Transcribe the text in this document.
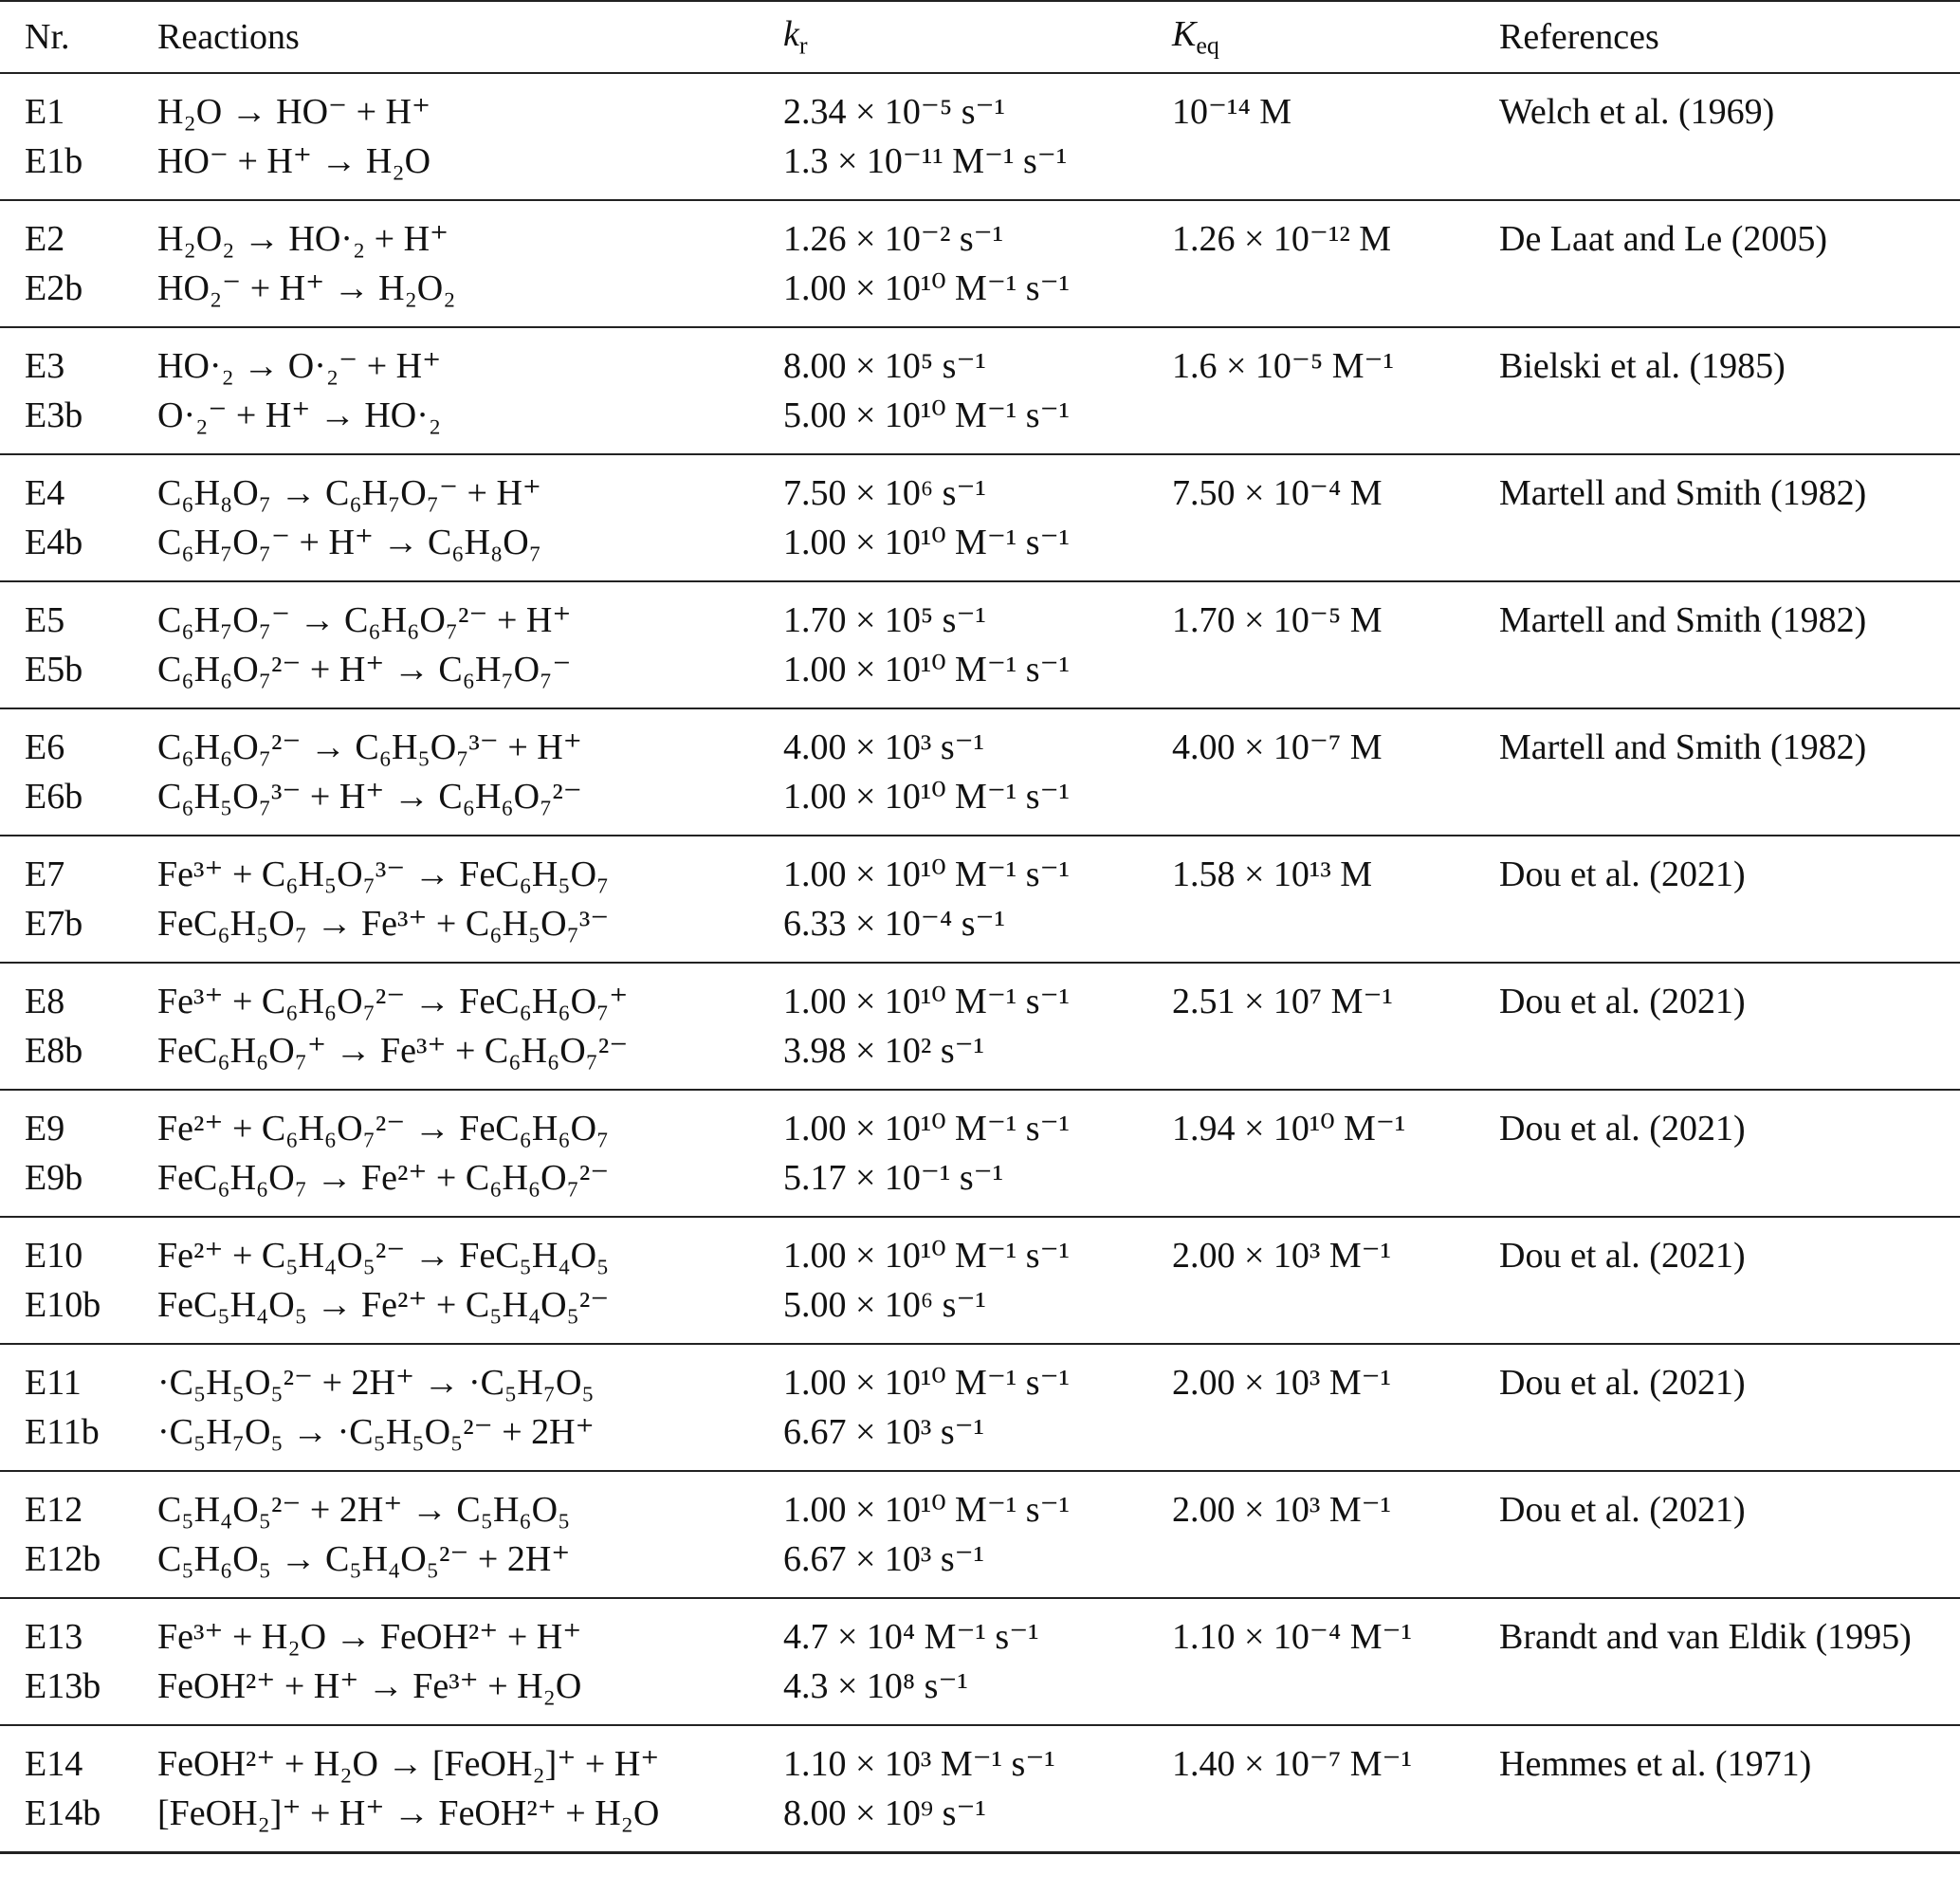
Nr.	Reactions	$k_r$	$K_{eq}$	References
E1	H₂O → HO⁻ + H⁺	2.34 × 10⁻⁵ s⁻¹	10⁻¹⁴ M	Welch et al. (1969)
E1b	HO⁻ + H⁺ → H₂O	1.3 × 10⁻¹¹ M⁻¹ s⁻¹		
E2	H₂O₂ → HO·₂ + H⁺	1.26 × 10⁻² s⁻¹	1.26 × 10⁻¹² M	De Laat and Le (2005)
E2b	HO₂⁻ + H⁺ → H₂O₂	1.00 × 10¹⁰ M⁻¹ s⁻¹		
E3	HO·₂ → O·₂⁻ + H⁺	8.00 × 10⁵ s⁻¹	1.6 × 10⁻⁵ M⁻¹	Bielski et al. (1985)
E3b	O·₂⁻ + H⁺ → HO·₂	5.00 × 10¹⁰ M⁻¹ s⁻¹		
E4	C₆H₈O₇ → C₆H₇O₇⁻ + H⁺	7.50 × 10⁶ s⁻¹	7.50 × 10⁻⁴ M	Martell and Smith (1982)
E4b	C₆H₇O₇⁻ + H⁺ → C₆H₈O₇	1.00 × 10¹⁰ M⁻¹ s⁻¹		
E5	C₆H₇O₇⁻ → C₆H₆O₇²⁻ + H⁺	1.70 × 10⁵ s⁻¹	1.70 × 10⁻⁵ M	Martell and Smith (1982)
E5b	C₆H₆O₇²⁻ + H⁺ → C₆H₇O₇⁻	1.00 × 10¹⁰ M⁻¹ s⁻¹		
E6	C₆H₆O₇²⁻ → C₆H₅O₇³⁻ + H⁺	4.00 × 10³ s⁻¹	4.00 × 10⁻⁷ M	Martell and Smith (1982)
E6b	C₆H₅O₇³⁻ + H⁺ → C₆H₆O₇²⁻	1.00 × 10¹⁰ M⁻¹ s⁻¹		
E7	Fe³⁺ + C₆H₅O₇³⁻ → FeC₆H₅O₇	1.00 × 10¹⁰ M⁻¹ s⁻¹	1.58 × 10¹³ M	Dou et al. (2021)
E7b	FeC₆H₅O₇ → Fe³⁺ + C₆H₅O₇³⁻	6.33 × 10⁻⁴ s⁻¹		
E8	Fe³⁺ + C₆H₆O₇²⁻ → FeC₆H₆O₇⁺	1.00 × 10¹⁰ M⁻¹ s⁻¹	2.51 × 10⁷ M⁻¹	Dou et al. (2021)
E8b	FeC₆H₆O₇⁺ → Fe³⁺ + C₆H₆O₇²⁻	3.98 × 10² s⁻¹		
E9	Fe²⁺ + C₆H₆O₇²⁻ → FeC₆H₆O₇	1.00 × 10¹⁰ M⁻¹ s⁻¹	1.94 × 10¹⁰ M⁻¹	Dou et al. (2021)
E9b	FeC₆H₆O₇ → Fe²⁺ + C₆H₆O₇²⁻	5.17 × 10⁻¹ s⁻¹		
E10	Fe²⁺ + C₅H₄O₅²⁻ → FeC₅H₄O₅	1.00 × 10¹⁰ M⁻¹ s⁻¹	2.00 × 10³ M⁻¹	Dou et al. (2021)
E10b	FeC₅H₄O₅ → Fe²⁺ + C₅H₄O₅²⁻	5.00 × 10⁶ s⁻¹		
E11	·C₅H₅O₅²⁻ + 2H⁺ → ·C₅H₇O₅	1.00 × 10¹⁰ M⁻¹ s⁻¹	2.00 × 10³ M⁻¹	Dou et al. (2021)
E11b	·C₅H₇O₅ → ·C₅H₅O₅²⁻ + 2H⁺	6.67 × 10³ s⁻¹		
E12	C₅H₄O₅²⁻ + 2H⁺ → C₅H₆O₅	1.00 × 10¹⁰ M⁻¹ s⁻¹	2.00 × 10³ M⁻¹	Dou et al. (2021)
E12b	C₅H₆O₅ → C₅H₄O₅²⁻ + 2H⁺	6.67 × 10³ s⁻¹		
E13	Fe³⁺ + H₂O → FeOH²⁺ + H⁺	4.7 × 10⁴ M⁻¹ s⁻¹	1.10 × 10⁻⁴ M⁻¹	Brandt and van Eldik (1995)
E13b	FeOH²⁺ + H⁺ → Fe³⁺ + H₂O	4.3 × 10⁸ s⁻¹		
E14	FeOH²⁺ + H₂O → [FeOH₂]⁺ + H⁺	1.10 × 10³ M⁻¹ s⁻¹	1.40 × 10⁻⁷ M⁻¹	Hemmes et al. (1971)
E14b	[FeOH₂]⁺ + H⁺ → FeOH²⁺ + H₂O	8.00 × 10⁹ s⁻¹		
